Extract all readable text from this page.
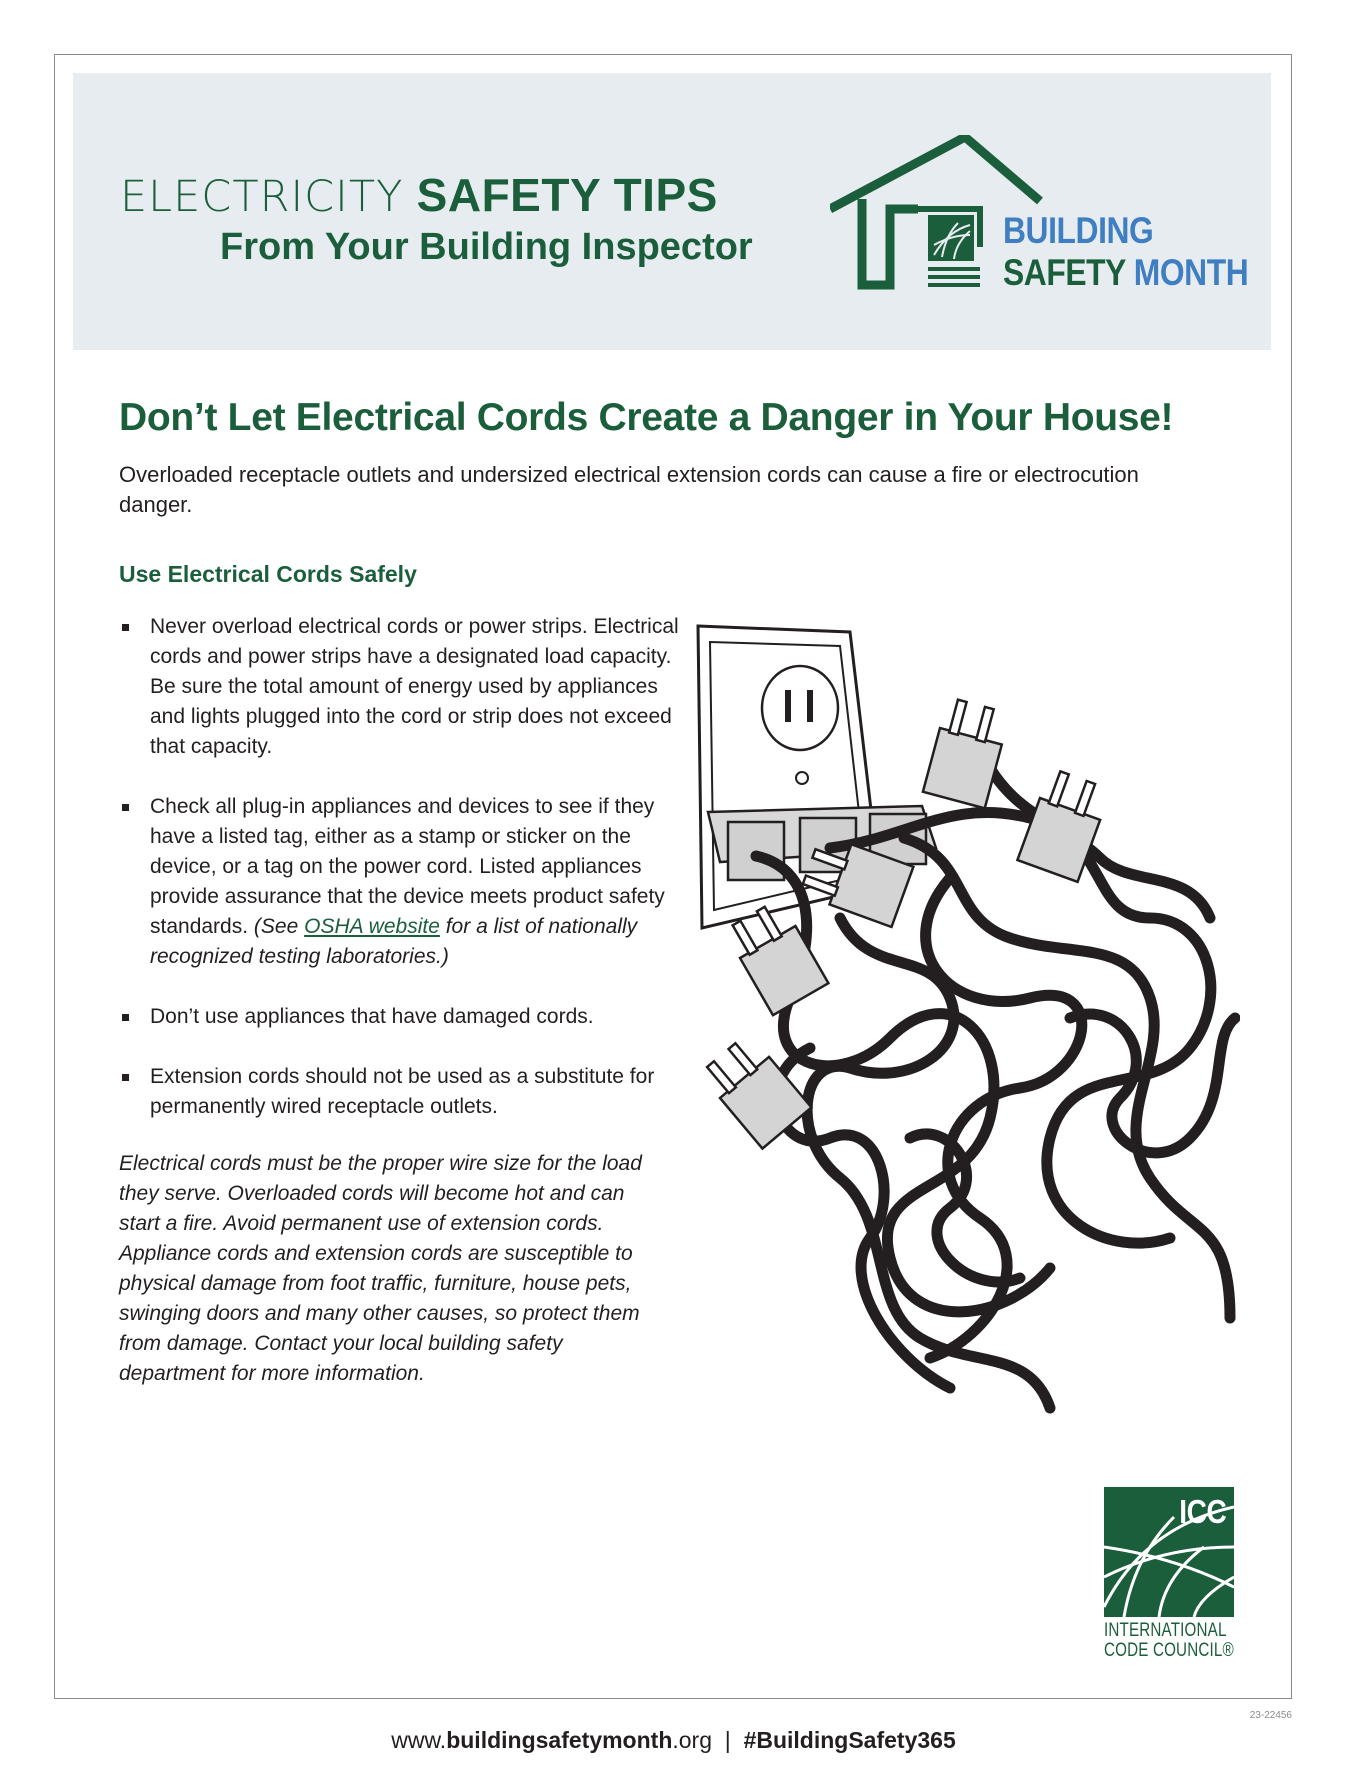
ELECTRICITY SAFETY TIPS
From Your Building Inspector	BUILDING
SAFETY MONTH
Don’t Let Electrical Cords Create a Danger in Your House!

Overloaded receptacle outlets and undersized electrical extension cords can cause a fire or electrocution danger.

Use Electrical Cords Safely
Never overload electrical cords or power strips. Electrical cords and power strips have a designated load capacity. Be sure the total amount of energy used by appliances and lights plugged into the cord or strip does not exceed that capacity.
Check all plug-in appliances and devices to see if they have a listed tag, either as a stamp or sticker on the device, or a tag on the power cord. Listed appliances provide assurance that the device meets product safety standards. (See OSHA website for a list of nationally recognized testing laboratories.)
Don’t use appliances that have damaged cords.
Extension cords should not be used as a substitute for permanently wired receptacle outlets.

Electrical cords must be the proper wire size for the load they serve. Overloaded cords will become hot and can start a fire. Avoid permanent use of extension cords. Appliance cords and extension cords are susceptible to physical damage from foot traffic, furniture, house pets, swinging doors and many other causes, so protect them from damage. Contact your local building safety department for more information.

ICC
INTERNATIONAL
CODE COUNCIL®
23-22456
www.buildingsafetymonth.org  |  #BuildingSafety365
